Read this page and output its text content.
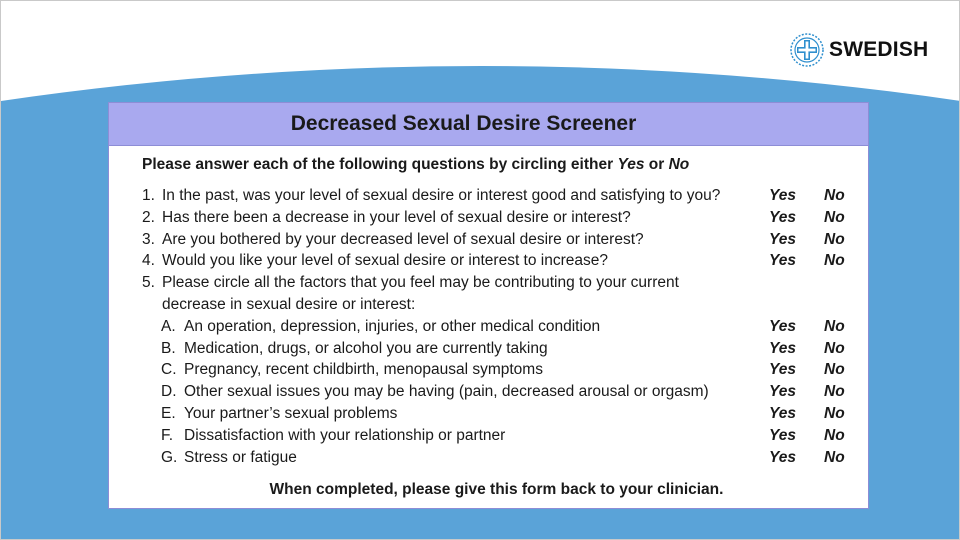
SWEDISH
Decreased Sexual Desire Screener
Please answer each of the following questions by circling either Yes or No
1. In the past, was your level of sexual desire or interest good and satisfying to you?	Yes No
2. Has there been a decrease in your level of sexual desire or interest?	Yes No
3. Are you bothered by your decreased level of sexual desire or interest?	Yes No
4. Would you like your level of sexual desire or interest to increase?	Yes No
5. Please circle all the factors that you feel may be contributing to your current
decrease in sexual desire or interest:
A. An operation, depression, injuries, or other medical condition	Yes No
B. Medication, drugs, or alcohol you are currently taking	Yes No
C. Pregnancy, recent childbirth, menopausal symptoms	Yes No
D. Other sexual issues you may be having (pain, decreased arousal or orgasm)	Yes No
E. Your partner’s sexual problems	Yes No
F. Dissatisfaction with your relationship or partner	Yes No
G. Stress or fatigue	Yes No
When completed, please give this form back to your clinician.
